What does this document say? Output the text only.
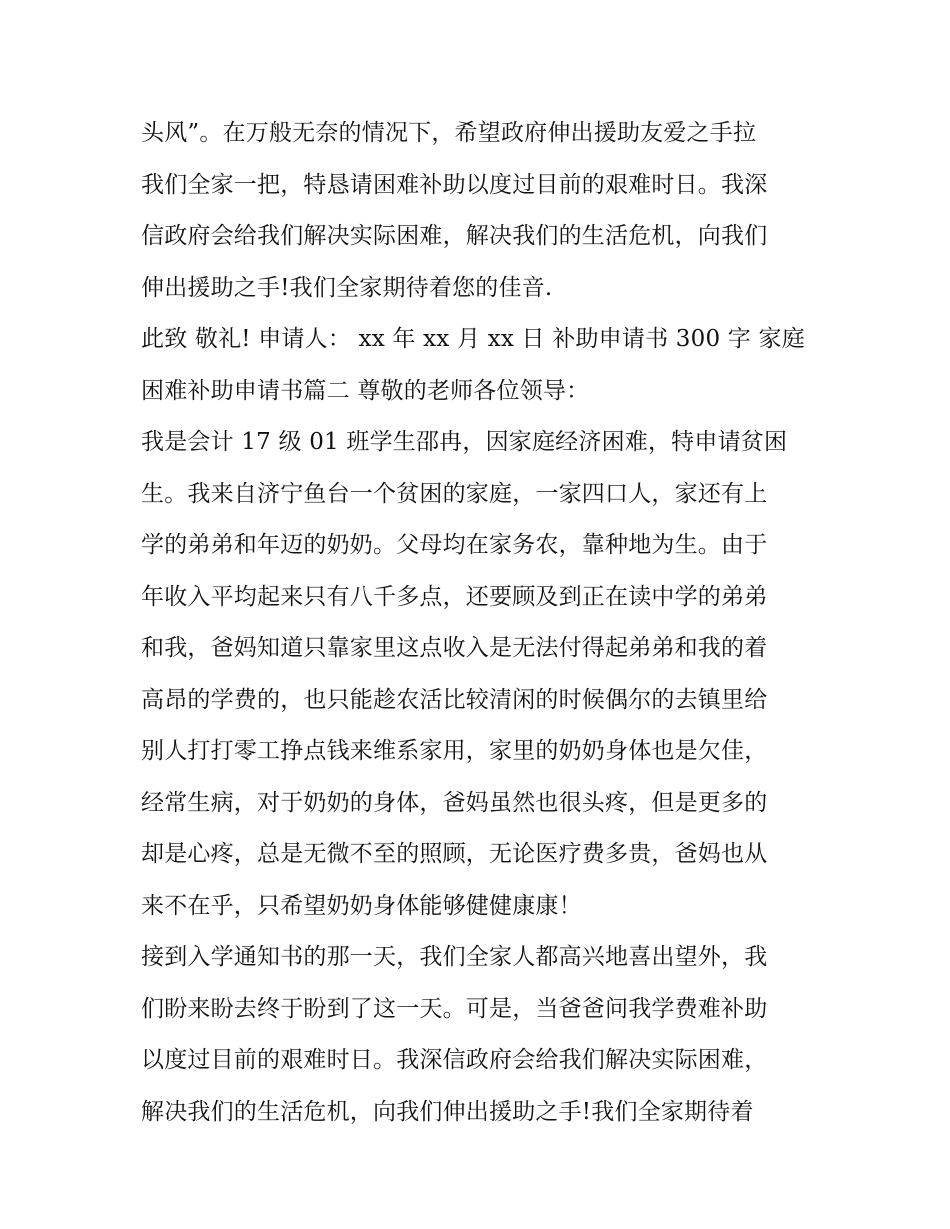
头风”。在万般无奈的情况下，希望政府伸出援助友爱之手拉
我们全家一把，特恳请困难补助以度过目前的艰难时日。我深
信政府会给我们解决实际困难，解决我们的生活危机，向我们
伸出援助之手!我们全家期待着您的佳音.
此致 敬礼! 申请人： xx 年 xx 月 xx 日 补助申请书 300 字 家庭
困难补助申请书篇二 尊敬的老师各位领导：
我是会计 17 级 01 班学生邵冉，因家庭经济困难，特申请贫困
生。我来自济宁鱼台一个贫困的家庭，一家四口人，家还有上
学的弟弟和年迈的奶奶。父母均在家务农，靠种地为生。由于
年收入平均起来只有八千多点，还要顾及到正在读中学的弟弟
和我，爸妈知道只靠家里这点收入是无法付得起弟弟和我的着
高昂的学费的，也只能趁农活比较清闲的时候偶尔的去镇里给
别人打打零工挣点钱来维系家用，家里的奶奶身体也是欠佳，
经常生病，对于奶奶的身体，爸妈虽然也很头疼，但是更多的
却是心疼，总是无微不至的照顾，无论医疗费多贵，爸妈也从
来不在乎，只希望奶奶身体能够健健康康！
接到入学通知书的那一天，我们全家人都高兴地喜出望外，我
们盼来盼去终于盼到了这一天。可是，当爸爸问我学费难补助
以度过目前的艰难时日。我深信政府会给我们解决实际困难，
解决我们的生活危机，向我们伸出援助之手!我们全家期待着
